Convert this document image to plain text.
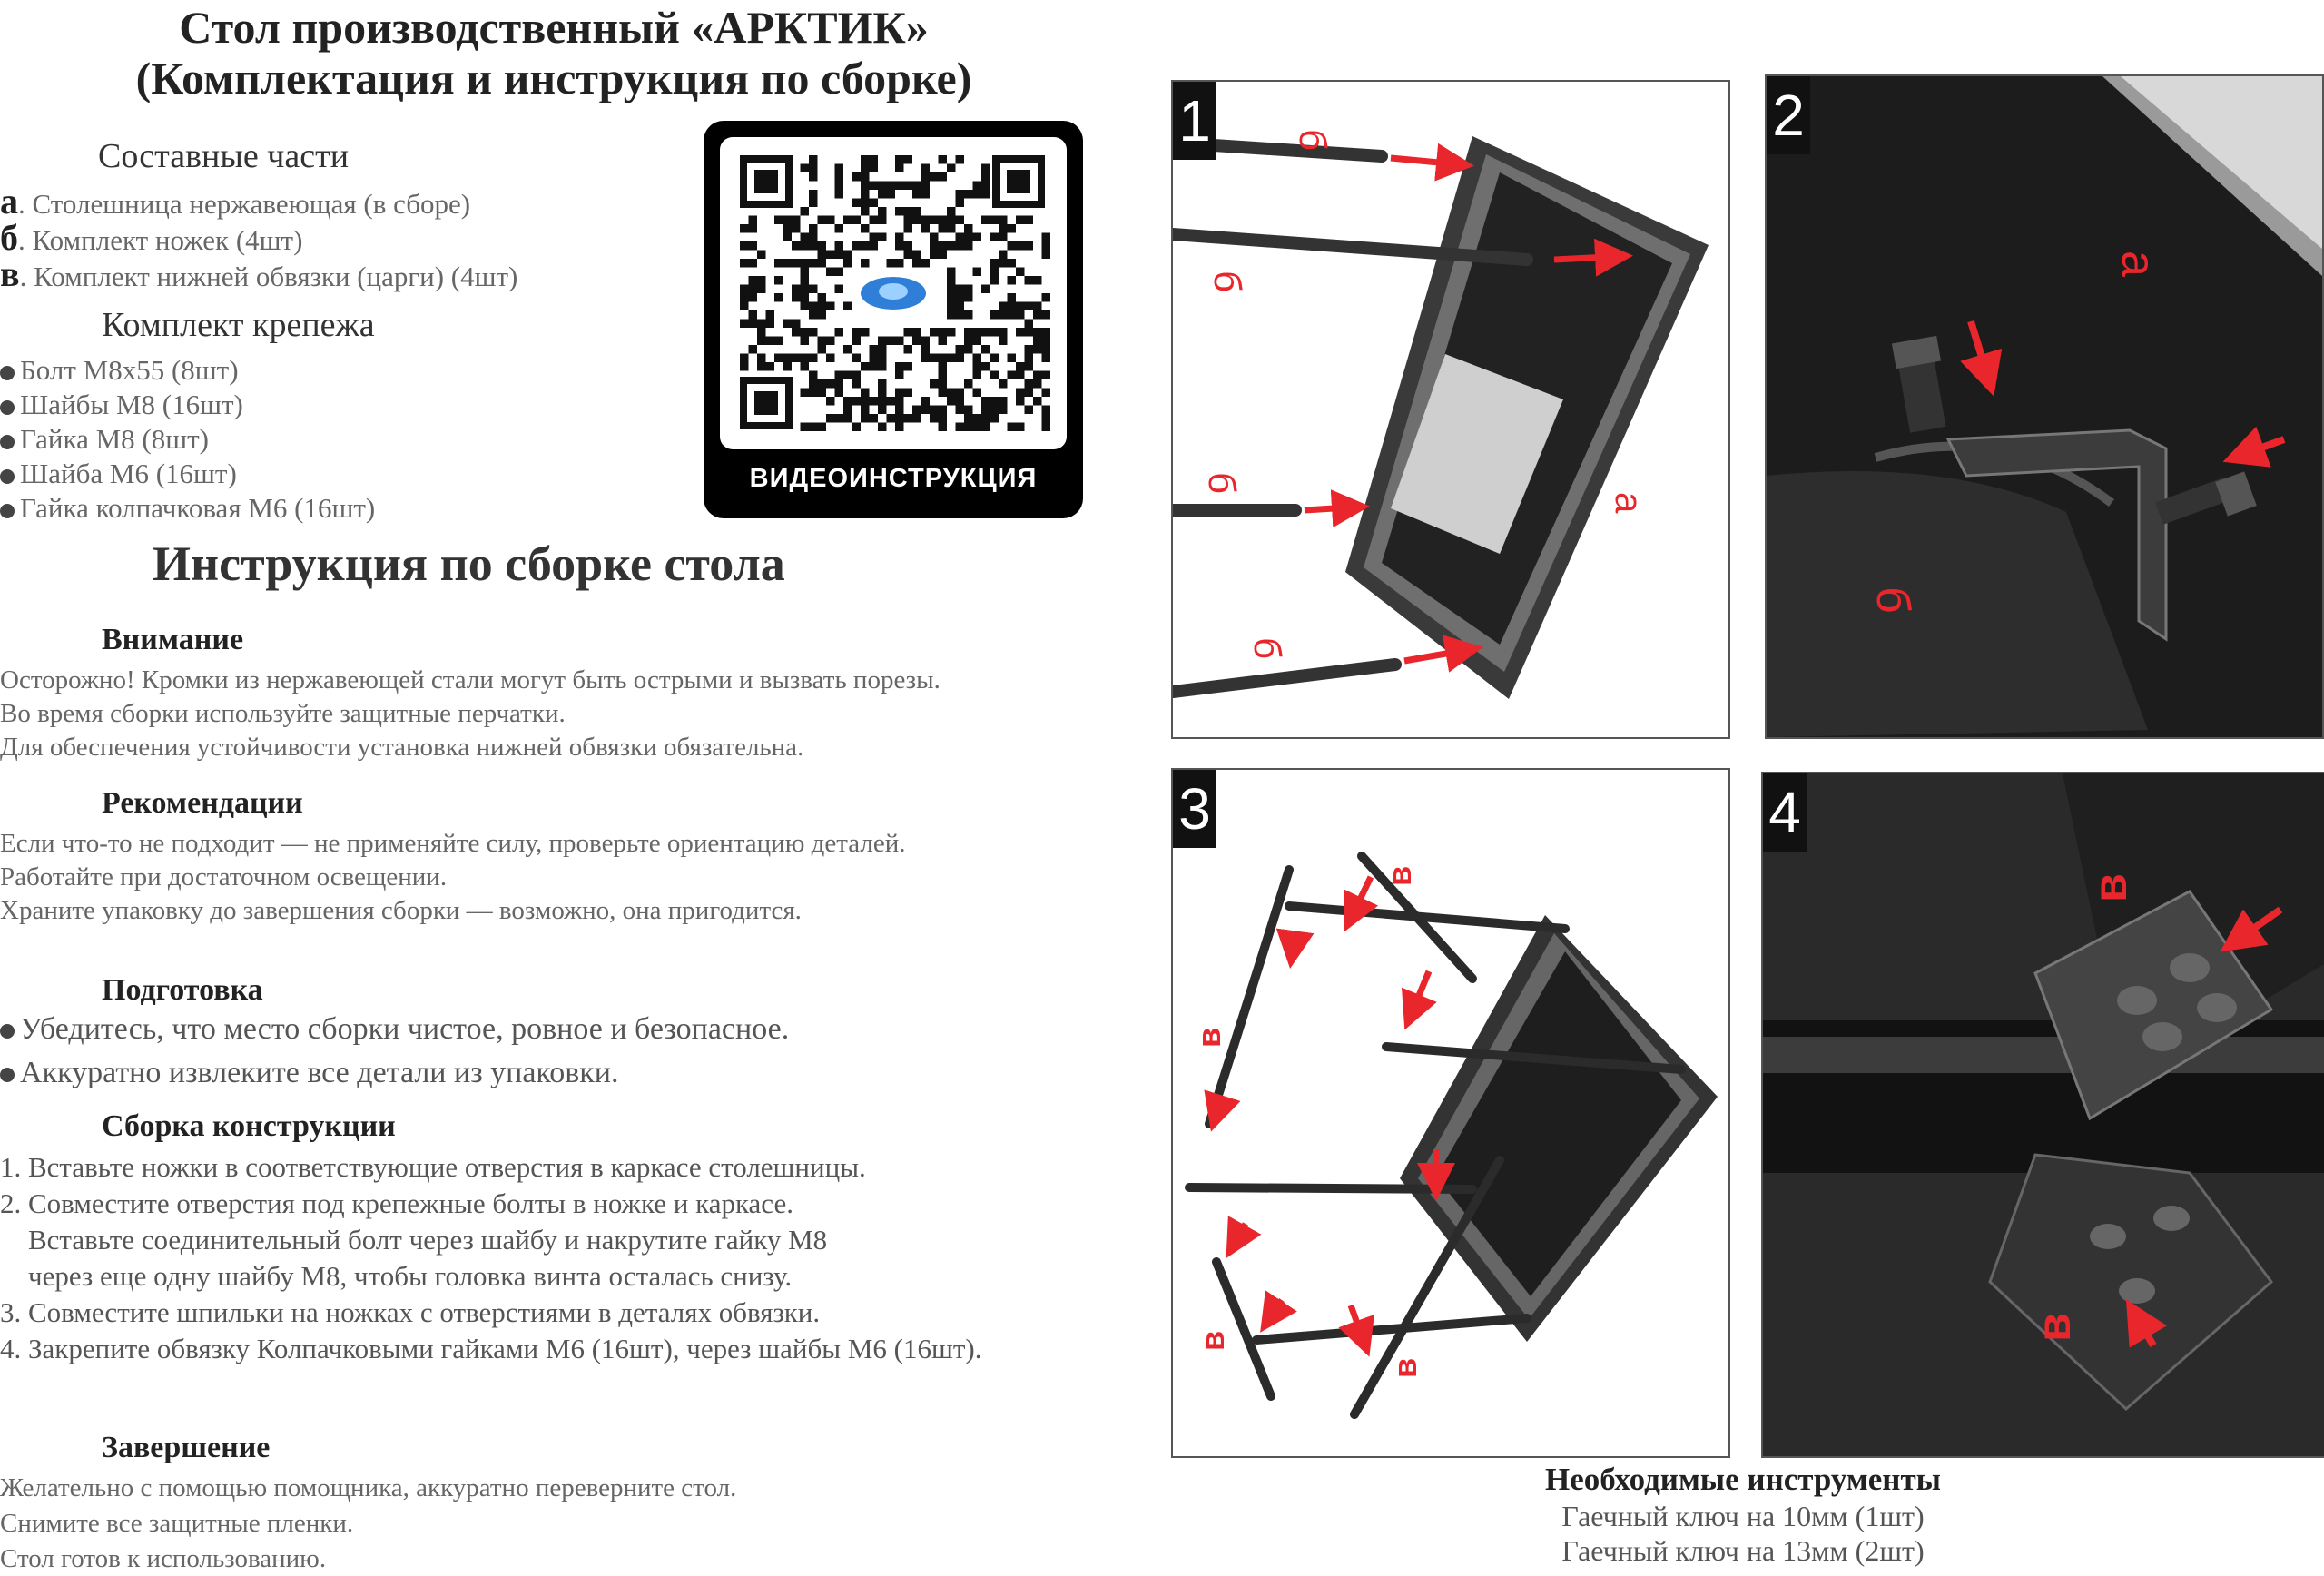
Стол производственный «АРКТИК»
(Комплектация и инструкция по сборке)
Составные части
а. Столешница нержавеющая (в сборе)
б. Комплект ножек (4шт)
в. Комплект нижней обвязки (царги) (4шт)
Комплект крепежа
Болт М8х55 (8шт)
Шайбы М8 (16шт)
Гайка М8 (8шт)
Шайба М6 (16шт)
Гайка колпачковая М6 (16шт)
ВИДЕОИНСТРУКЦИЯ
Инструкция по сборке стола
Внимание
Осторожно! Кромки из нержавеющей стали могут быть острыми и вызвать порезы.
Во время сборки используйте защитные перчатки.
Для обеспечения устойчивости установка нижней обвязки обязательна.
Рекомендации
Если что-то не подходит — не применяйте силу, проверьте ориентацию деталей.
Работайте при достаточном освещении.
Храните упаковку до завершения сборки — возможно, она пригодится.
Подготовка
Убедитесь, что место сборки чистое, ровное и безопасное.
Аккуратно извлеките все детали из упаковки.
Сборка конструкции
1. Вставьте ножки в соответствующие отверстия в каркасе столешницы.
2. Совместите отверстия под крепежные болты в ножке и каркасе.
Вставьте соединительный болт через шайбу и накрутите гайку М8
через еще одну шайбу М8, чтобы головка винта осталась снизу.
3. Совместите шпильки на ножках с отверстиями в деталях обвязки.
4. Закрепите обвязку Колпачковыми гайками М6 (16шт), через шайбы М6 (16шт).
Завершение
Желательно с помощью помощника, аккуратно переверните стол.
Снимите все защитные пленки.
Стол готов к использованию.
б
б
б
б
а
1
а
б
2
в
в
в
в
3
в
в
4
Необходимые инструменты
Гаечный ключ на 10мм (1шт)
Гаечный ключ на 13мм (2шт)
